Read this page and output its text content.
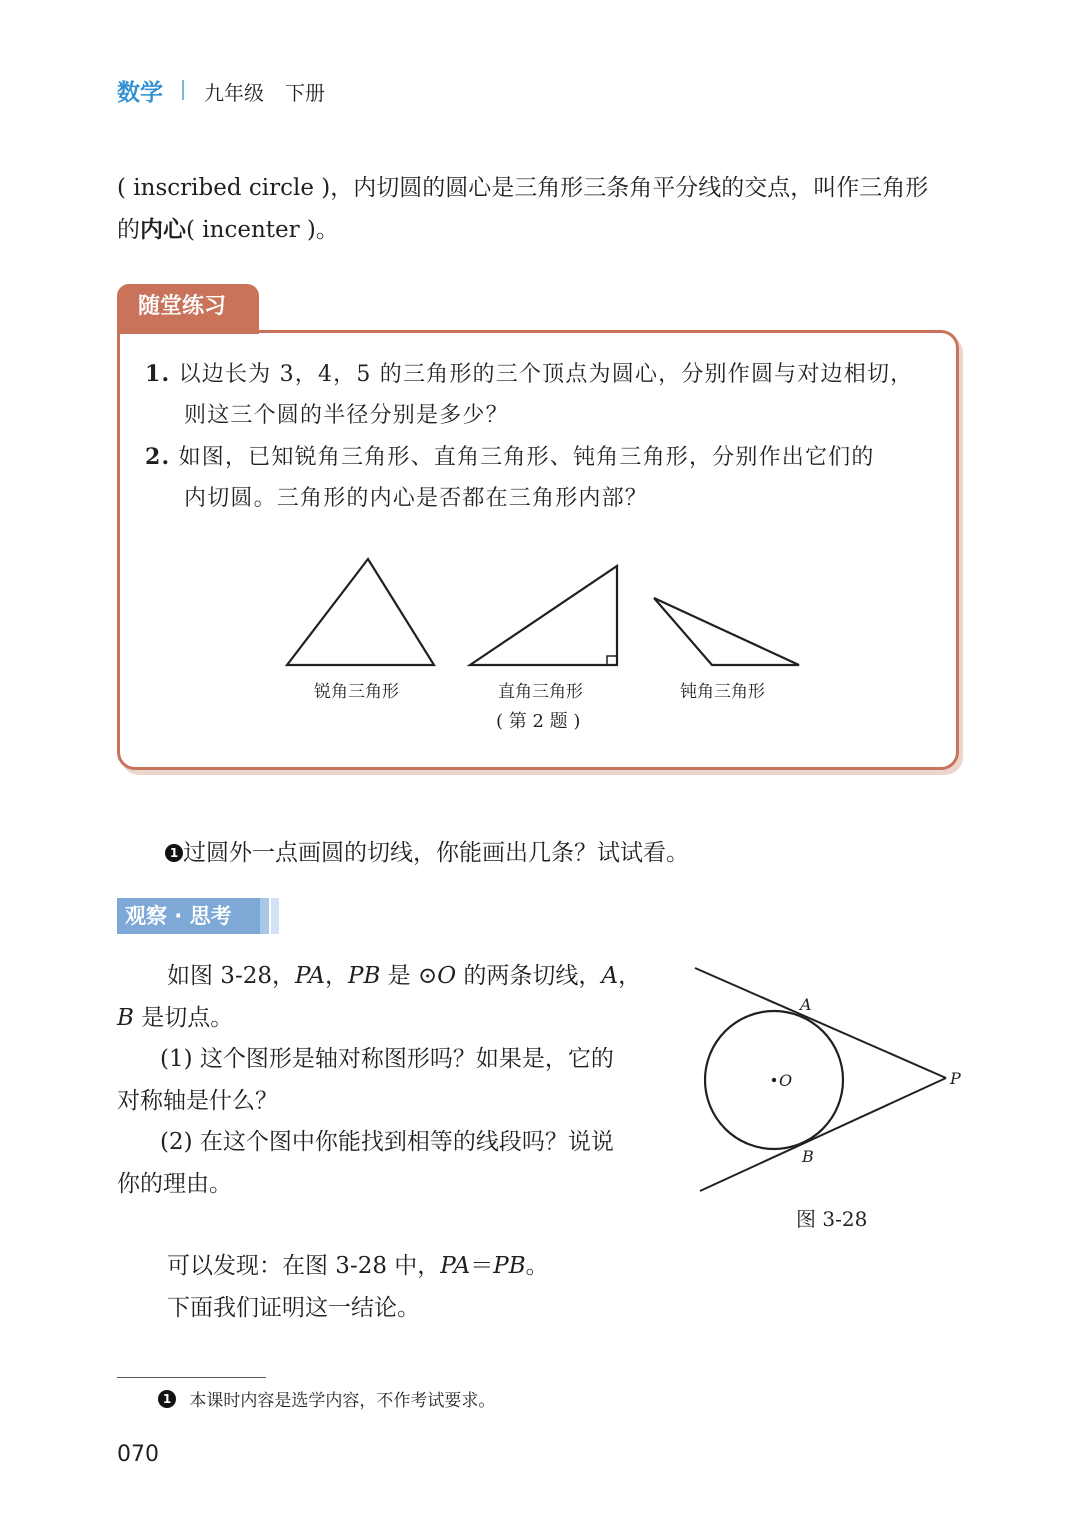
数学 九年级 下册
( inscribed circle )，内切圆的圆心是三角形三条角平分线的交点，叫作三角形
的内心( incenter )。
随堂练习
1. 以边长为 3，4，5 的三角形的三个顶点为圆心，分别作圆与对边相切，
则这三个圆的半径分别是多少？
2. 如图，已知锐角三角形、直角三角形、钝角三角形，分别作出它们的
内切圆。三角形的内心是否都在三角形内部？
锐角三角形	直角三角形	钝角三角形
( 第 2 题 )
1 过圆外一点画圆的切线，你能画出几条？试试看。
观察 · 思考
如图 3-28，PA，PB 是 ⊙O 的两条切线，A，
B 是切点。
(1) 这个图形是轴对称图形吗？如果是，它的
对称轴是什么？
(2) 在这个图中你能找到相等的线段吗？说说
你的理由。
A
B
O	P
图 3-28
可以发现：在图 3-28 中，PA＝PB。
下面我们证明这一结论。
1 本课时内容是选学内容，不作考试要求。
070
